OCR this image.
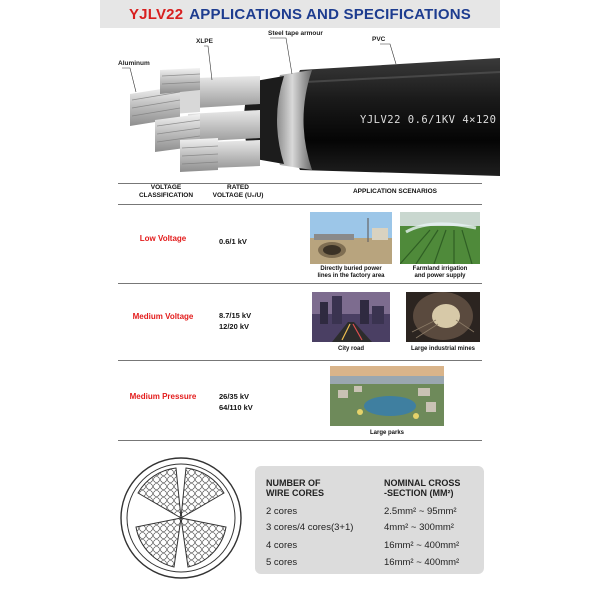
YJLV22 APPLICATIONS AND SPECIFICATIONS
Aluminum
XLPE
Steel tape armour
PVC
YJLV22 0.6/1KV 4×120
VOLTAGE
CLASSIFICATION
RATED
VOLTAGE (U₀/U)
APPLICATION SCENARIOS
Low Voltage	0.6/1 kV
Directly buried power
lines in the factory area
Farmland irrigation
and power supply
Medium Voltage	8.7/15 kV
12/20 kV
City road	Large industrial mines
Medium Pressure	26/35 kV
64/110 kV
Large parks
NUMBER OF
WIRE CORES
NOMINAL CROSS
-SECTION (MM²)
2 cores	2.5mm² ~ 95mm²
3 cores/4 cores(3+1)	4mm² ~ 300mm²
4 cores	16mm² ~ 400mm²
5 cores	16mm² ~ 400mm²
